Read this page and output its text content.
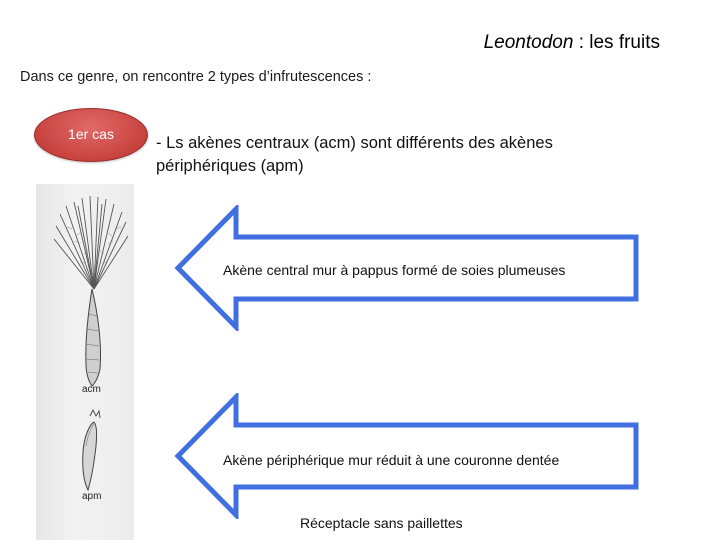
Leontodon : les fruits
Dans ce genre, on rencontre 2 types d’infrutescences :
1er cas	- Ls akènes centraux (acm) sont différents des akènes périphériques (apm)
acm
apm
Akène central mur à pappus formé de soies plumeuses
Akène périphérique mur réduit à une couronne dentée
Réceptacle sans paillettes
